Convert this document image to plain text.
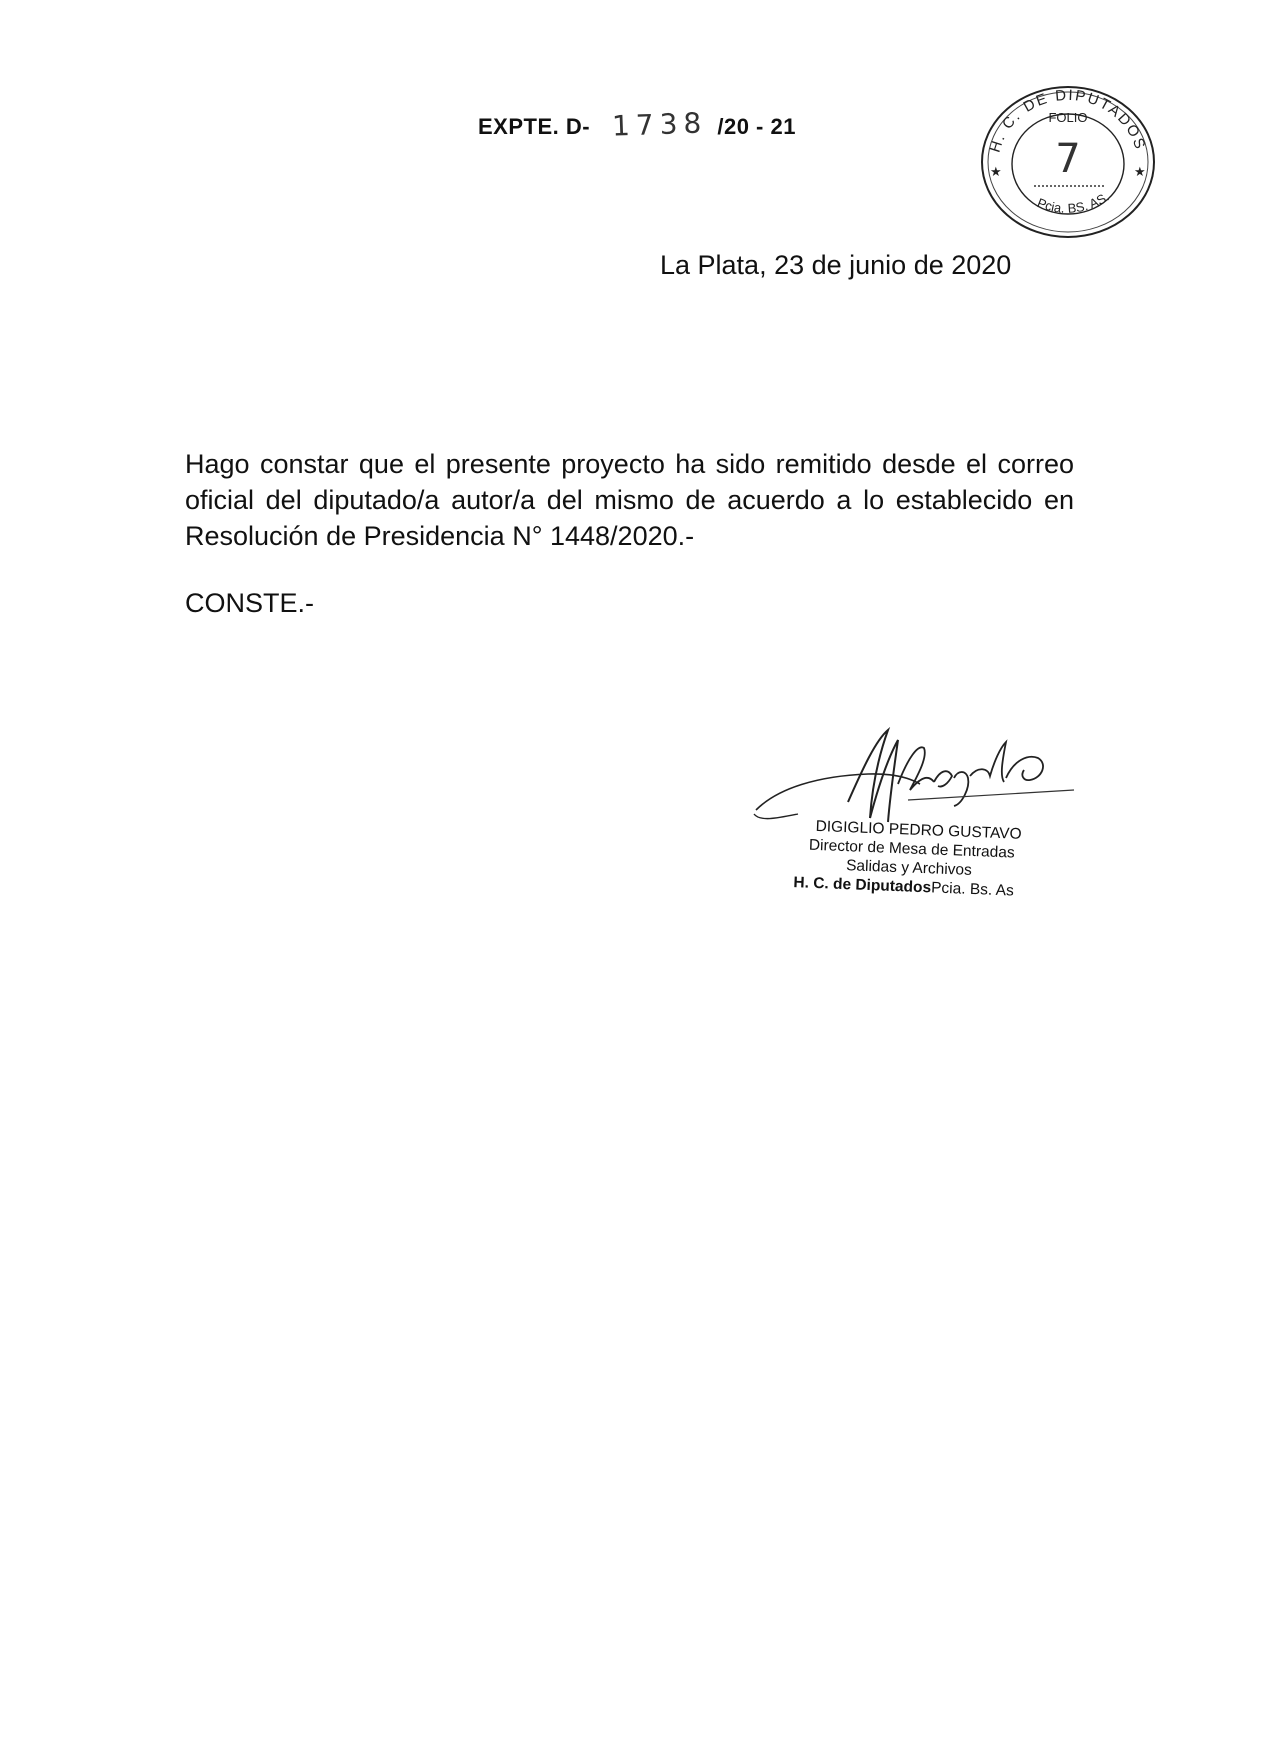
EXPTE. D- 1738 /20 - 21
H. C. DE DIPUTADOS
Pcia. BS. AS.
★	★
FOLIO
7
La Plata, 23 de junio de 2020
Hago constar que el presente proyecto ha sido remitido desde el correo oficial del diputado/a autor/a del mismo de acuerdo a lo establecido en Resolución de Presidencia N° 1448/2020.-
CONSTE.-
DIGIGLIO PEDRO GUSTAVO
Director de Mesa de Entradas
Salidas y Archivos
H. C. de DiputadosPcia. Bs. As
